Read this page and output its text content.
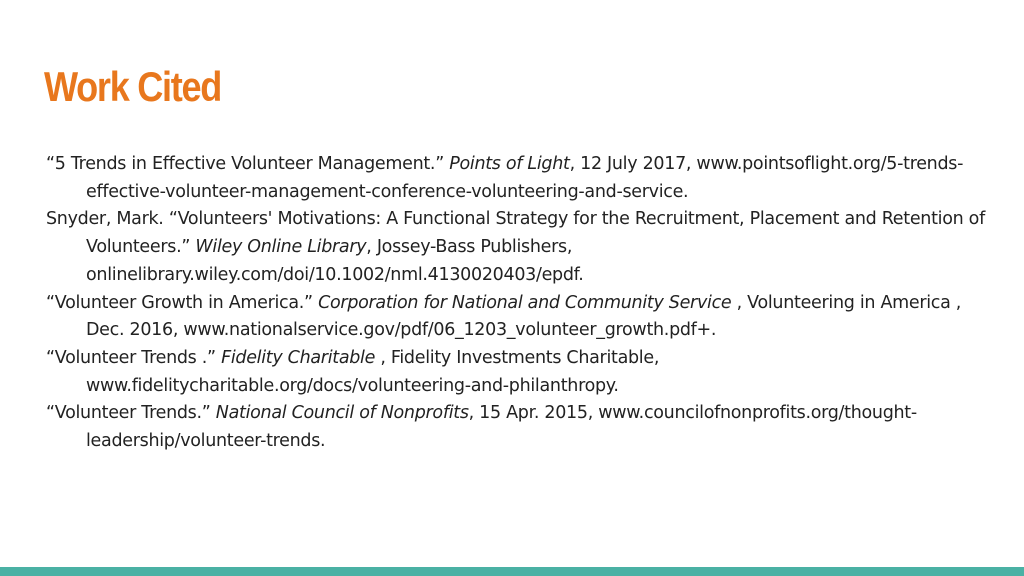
Work Cited

“5 Trends in Effective Volunteer Management.” Points of Light, 12 July 2017, www.pointsoflight.org/5-trends-effective-volunteer-management-conference-volunteering-and-service.

Snyder, Mark. “Volunteers' Motivations: A Functional Strategy for the Recruitment, Placement and Retention of Volunteers.” Wiley Online Library, Jossey-Bass Publishers, onlinelibrary.wiley.com/doi/10.1002/nml.4130020403/epdf.

“Volunteer Growth in America.” Corporation for National and Community Service , Volunteering in America , Dec. 2016, www.nationalservice.gov/pdf/06_1203_volunteer_growth.pdf+.

“Volunteer Trends .” Fidelity Charitable , Fidelity Investments Charitable, www.fidelitycharitable.org/docs/volunteering-and-philanthropy.

“Volunteer Trends.” National Council of Nonprofits, 15 Apr. 2015, www.councilofnonprofits.org/thought-leadership/volunteer-trends.
